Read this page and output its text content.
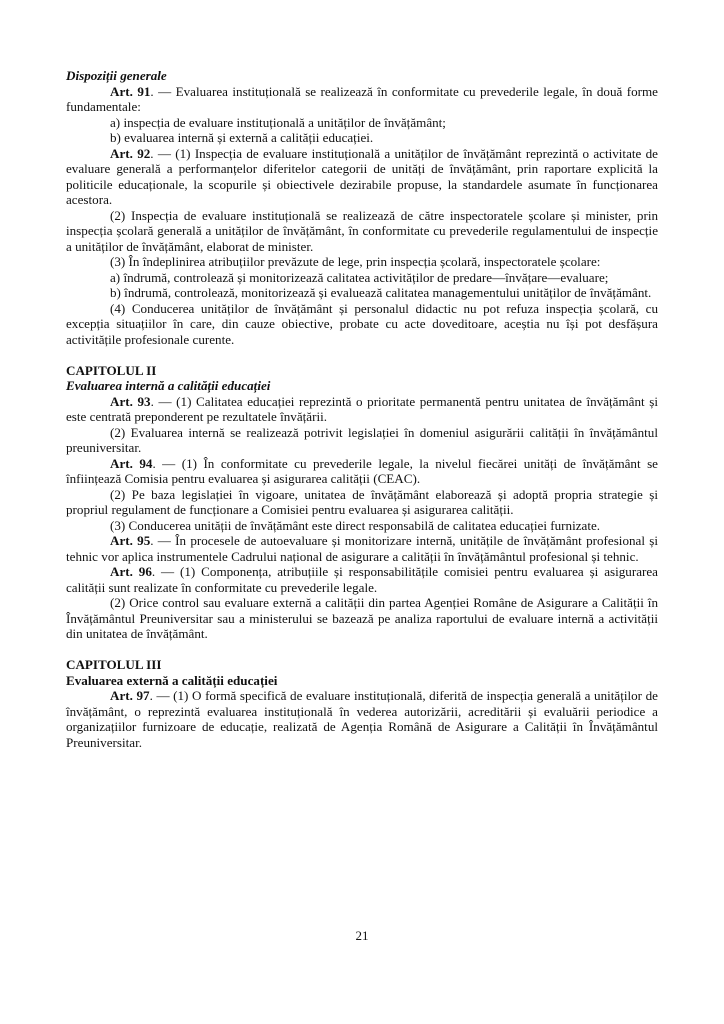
Dispoziții generale

Art. 91. — Evaluarea instituțională se realizează în conformitate cu prevederile legale, în două forme fundamentale:

a) inspecția de evaluare instituțională a unităților de învățământ;

b) evaluarea internă și externă a calității educației.

Art. 92. — (1) Inspecția de evaluare instituțională a unităților de învățământ reprezintă o activitate de evaluare generală a performanțelor diferitelor categorii de unități de învățământ, prin raportare explicită la politicile educaționale, la scopurile și obiectivele dezirabile propuse, la standardele asumate în funcționarea acestora.

(2) Inspecția de evaluare instituțională se realizează de către inspectoratele școlare și minister, prin inspecția școlară generală a unităților de învățământ, în conformitate cu prevederile regulamentului de inspecție a unităților de învățământ, elaborat de minister.

(3) În îndeplinirea atribuțiilor prevăzute de lege, prin inspecția școlară, inspectoratele școlare:

a) îndrumă, controlează și monitorizează calitatea activităților de predare—învățare—evaluare;

b) îndrumă, controlează, monitorizează și evaluează calitatea managementului unităților de învățământ.

(4) Conducerea unităților de învățământ și personalul didactic nu pot refuza inspecția școlară, cu excepția situațiilor în care, din cauze obiective, probate cu acte doveditoare, aceștia nu își pot desfășura activitățile profesionale curente.

CAPITOLUL II

Evaluarea internă a calității educației

Art. 93. — (1) Calitatea educației reprezintă o prioritate permanentă pentru unitatea de învățământ și este centrată preponderent pe rezultatele învățării.

(2) Evaluarea internă se realizează potrivit legislației în domeniul asigurării calității în învățământul preuniversitar.

Art. 94. — (1) În conformitate cu prevederile legale, la nivelul fiecărei unități de învățământ se înființează Comisia pentru evaluarea și asigurarea calității (CEAC).

(2) Pe baza legislației în vigoare, unitatea de învățământ elaborează și adoptă propria strategie și propriul regulament de funcționare a Comisiei pentru evaluarea și asigurarea calității.

(3) Conducerea unității de învățământ este direct responsabilă de calitatea educației furnizate.

Art. 95. — În procesele de autoevaluare și monitorizare internă, unitățile de învățământ profesional și tehnic vor aplica instrumentele Cadrului național de asigurare a calității în învățământul profesional și tehnic.

Art. 96. — (1) Componența, atribuțiile și responsabilitățile comisiei pentru evaluarea și asigurarea calității sunt realizate în conformitate cu prevederile legale.

(2) Orice control sau evaluare externă a calității din partea Agenției Române de Asigurare a Calității în Învățământul Preuniversitar sau a ministerului se bazează pe analiza raportului de evaluare internă a activității din unitatea de învățământ.

CAPITOLUL III

Evaluarea externă a calității educației

Art. 97. — (1) O formă specifică de evaluare instituțională, diferită de inspecția generală a unităților de învățământ, o reprezintă evaluarea instituțională în vederea autorizării, acreditării și evaluării periodice a organizațiilor furnizoare de educație, realizată de Agenția Română de Asigurare a Calității în Învățământul Preuniversitar.

21
